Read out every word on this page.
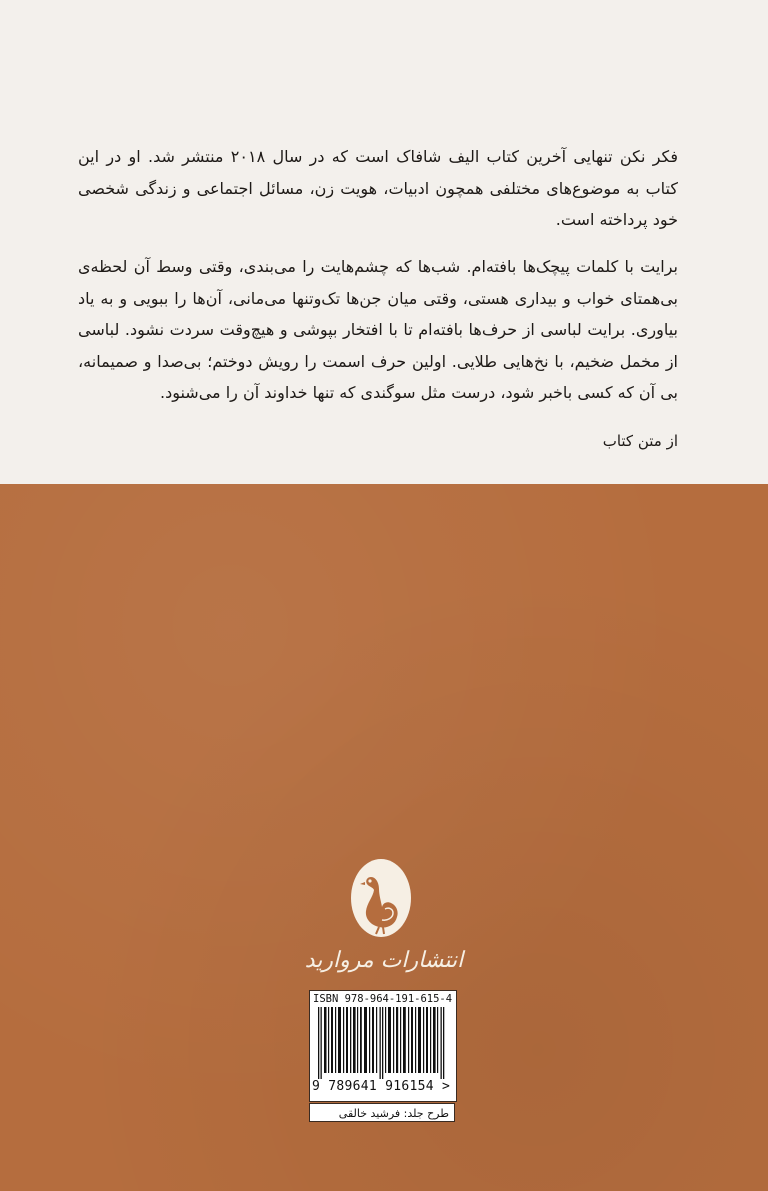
فکر نکن تنهایی آخرین کتاب الیف شافاک است که در سال ۲۰۱۸ منتشر شد. او در این کتاب به موضوع‌های مختلفی همچون ادبیات، هویت زن، مسائل اجتماعی و زندگی شخصی خود پرداخته است.

برایت با کلمات پیچک‌ها بافته‌ام. شب‌ها که چشم‌هایت را می‌بندی، وقتی وسط آن لحظه‌ی بی‌همتای خواب و بیداری هستی، وقتی میان جن‌ها تک‌وتنها می‌مانی، آن‌ها را ببویی و به یاد بیاوری. برایت لباسی از حرف‌ها بافته‌ام تا با افتخار بپوشی و هیچ‌وقت سردت نشود. لباسی از مخمل ضخیم، با نخ‌هایی طلایی. اولین حرف اسمت را رویش دوختم؛ بی‌صدا و صمیمانه، بی آن که کسی باخبر شود، درست مثل سوگندی که تنها خداوند آن را می‌شنود.

از متن کتاب
انتشارات مروارید
ISBN 978-964-191-615-4
9 789641 916154 >
طرح جلد: فرشید خالقی
